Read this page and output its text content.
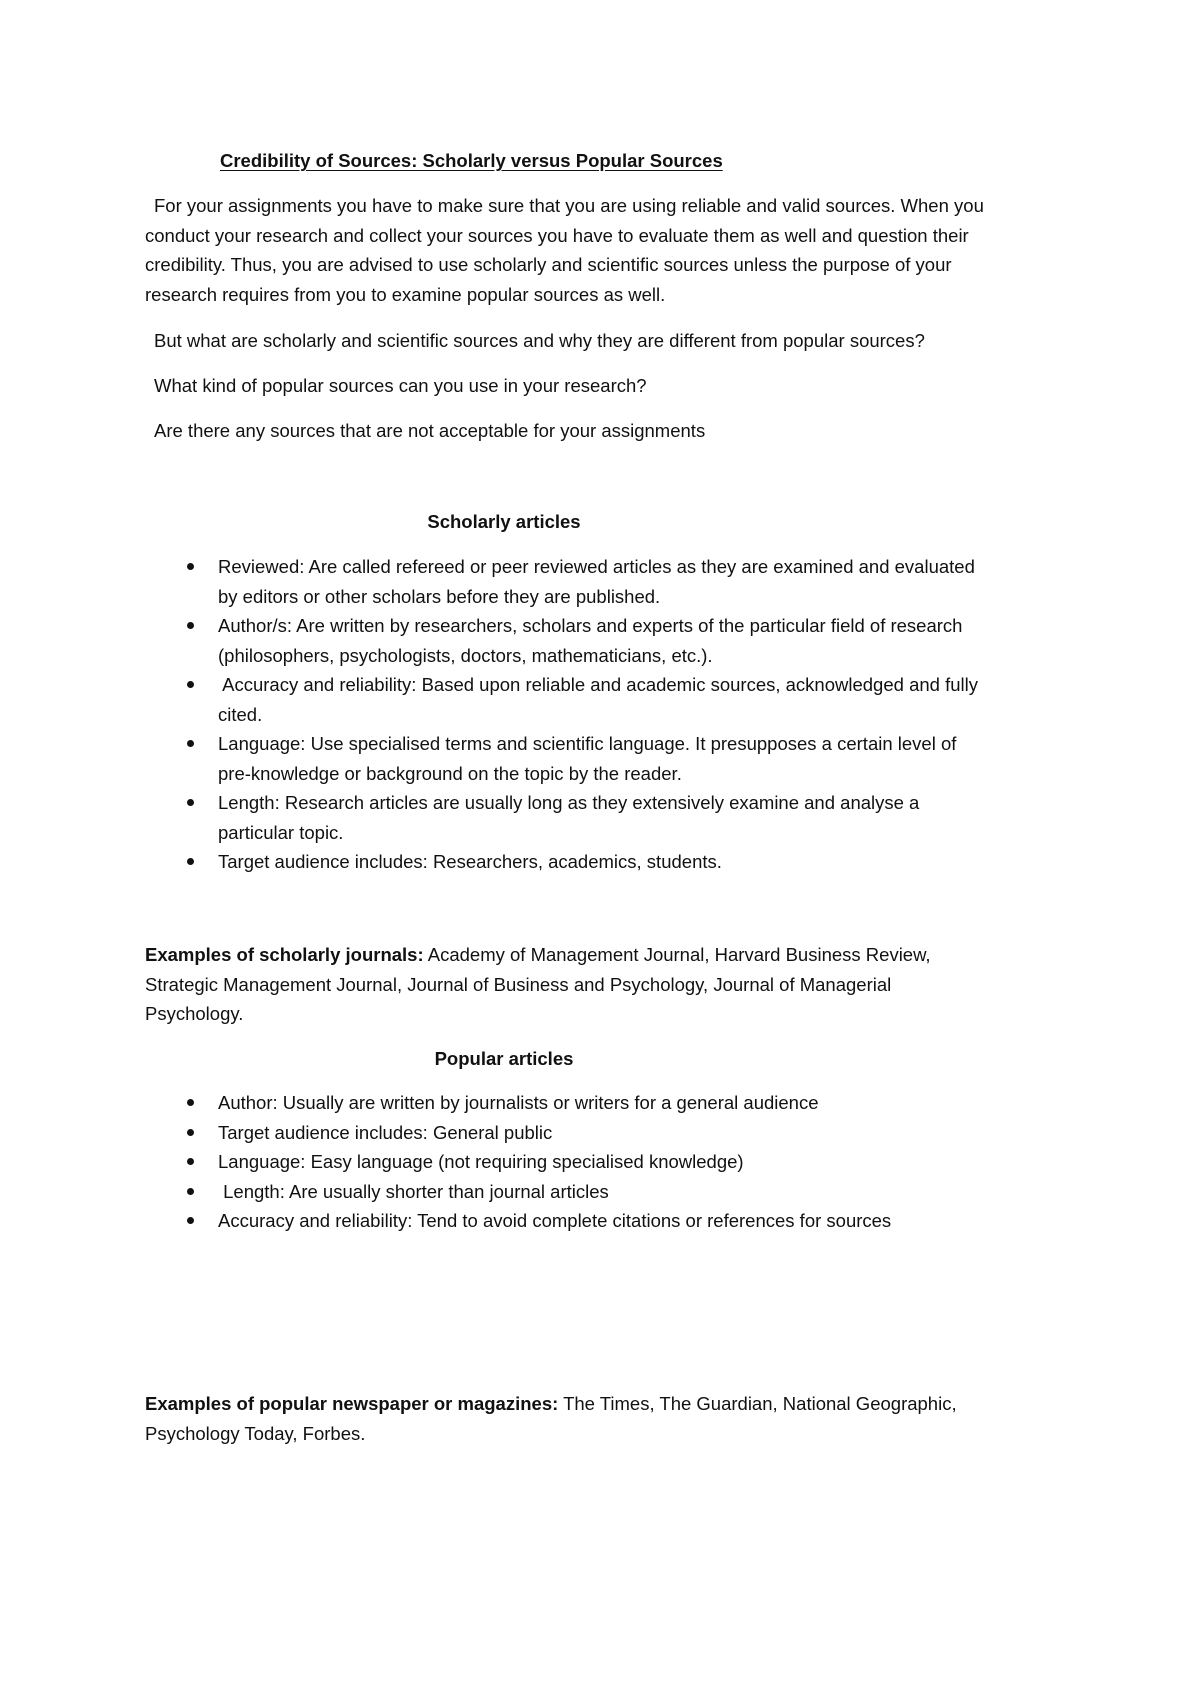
Credibility of Sources: Scholarly versus Popular Sources

For your assignments you have to make sure that you are using reliable and valid sources. When you
conduct your research and collect your sources you have to evaluate them as well and question their
credibility. Thus, you are advised to use scholarly and scientific sources unless the purpose of your
research requires from you to examine popular sources as well.

But what are scholarly and scientific sources and why they are different from popular sources?

What kind of popular sources can you use in your research?

Are there any sources that are not acceptable for your assignments

Scholarly articles

Reviewed: Are called refereed or peer reviewed articles as they are examined and evaluated
by editors or other scholars before they are published.
Author/s: Are written by researchers, scholars and experts of the particular field of research
(philosophers, psychologists, doctors, mathematicians, etc.).
Accuracy and reliability: Based upon reliable and academic sources, acknowledged and fully
cited.
Language: Use specialised terms and scientific language. It presupposes a certain level of
pre-knowledge or background on the topic by the reader.
Length: Research articles are usually long as they extensively examine and analyse a
particular topic.
Target audience includes: Researchers, academics, students.
Examples of scholarly journals: Academy of Management Journal, Harvard Business Review,
Strategic Management Journal, Journal of Business and Psychology, Journal of Managerial
Psychology.

Popular articles

Author: Usually are written by journalists or writers for a general audience
Target audience includes: General public
Language: Easy language (not requiring specialised knowledge)
Length: Are usually shorter than journal articles
Accuracy and reliability: Tend to avoid complete citations or references for sources
Examples of popular newspaper or magazines: The Times, The Guardian, National Geographic,
Psychology Today, Forbes.
